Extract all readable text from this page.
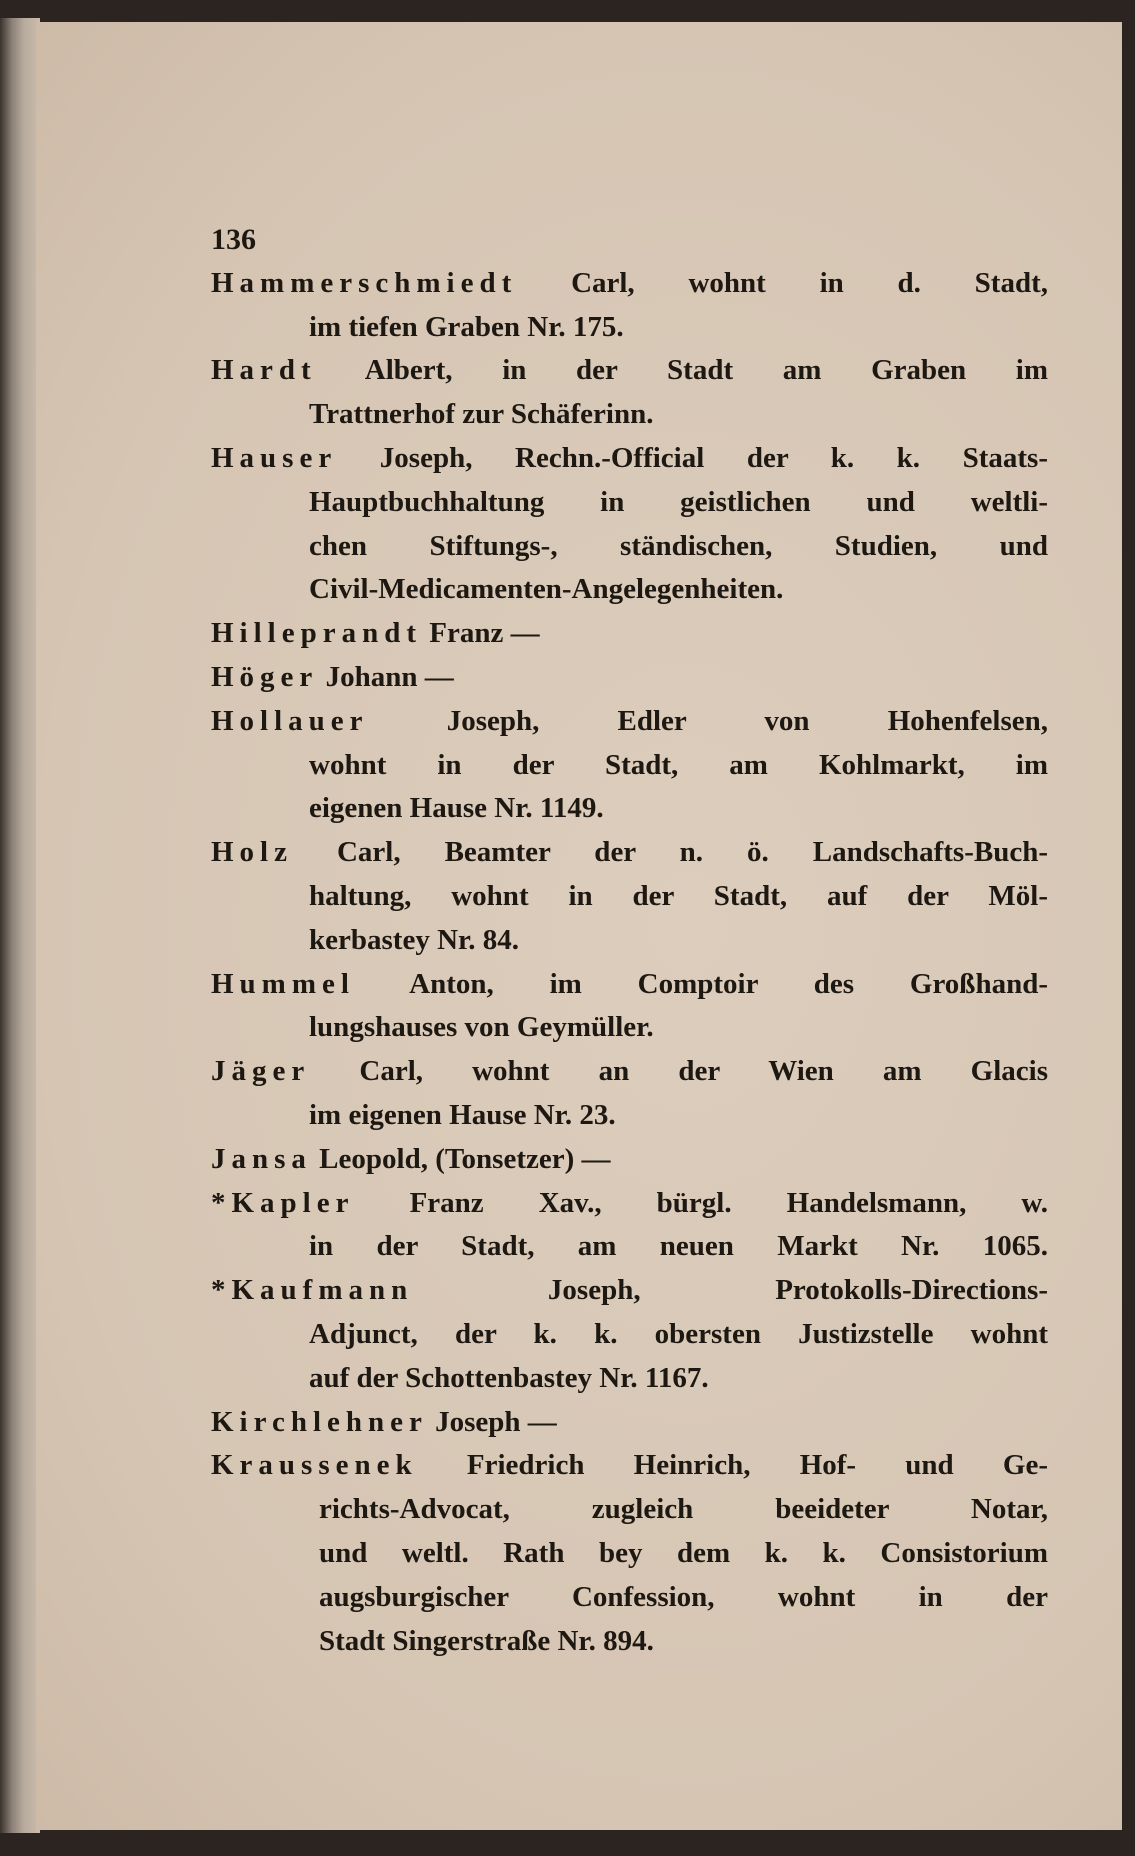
136
Hammerschmiedt Carl, wohnt in d. Stadt,
im tiefen Graben Nr. 175.
Hardt Albert, in der Stadt am Graben im
Trattnerhof zur Schäferinn.
Hauser Joseph, Rechn.-Official der k. k. Staats-
Hauptbuchhaltung in geistlichen und weltli-
chen Stiftungs-, ständischen, Studien, und
Civil-Medicamenten-Angelegenheiten.
Hilleprandt Franz —
Höger Johann —
Hollauer	Joseph, Edler von Hohenfelsen,
wohnt in der Stadt, am Kohlmarkt, im
eigenen Hause Nr. 1149.
Holz Carl, Beamter der n. ö. Landschafts-Buch-
haltung, wohnt in der Stadt, auf der Möl-
kerbastey Nr. 84.
Hummel Anton, im Comptoir des Großhand-
lungshauses von Geymüller.
Jäger Carl, wohnt an der Wien am Glacis
im eigenen Hause Nr. 23.
Jansa Leopold, (Tonsetzer) —
*Kapler Franz Xav., bürgl. Handelsmann, w.
in der Stadt, am neuen Markt Nr. 1065.
*Kaufmann	Joseph, Protokolls-Directions-
Adjunct, der k. k. obersten Justizstelle wohnt
auf der Schottenbastey Nr. 1167.
Kirchlehner Joseph —
Kraussenek Friedrich Heinrich, Hof- und Ge-
richts-Advocat, zugleich beeideter Notar,
und weltl. Rath bey dem k. k. Consistorium
augsburgischer Confession, wohnt in der
Stadt Singerstraße Nr. 894.
